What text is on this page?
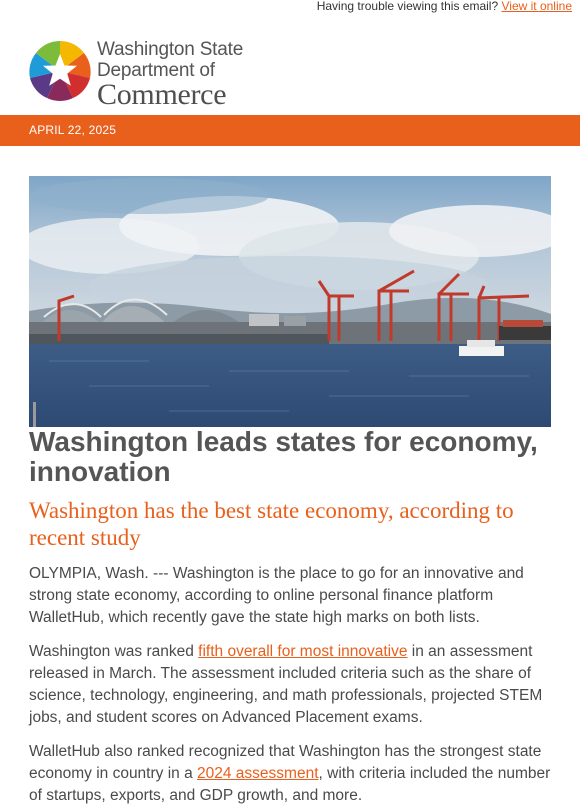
Having trouble viewing this email? View it online
Washington State
Department of
Commerce
APRIL 22, 2025
Washington leads states for economy, innovation
Washington has the best state economy, according to recent study

OLYMPIA, Wash. --- Washington is the place to go for an innovative and strong state economy, according to online personal finance platform WalletHub, which recently gave the state high marks on both lists.

Washington was ranked fifth overall for most innovative in an assessment released in March. The assessment included criteria such as the share of science, technology, engineering, and math professionals, projected STEM jobs, and student scores on Advanced Placement exams.

WalletHub also ranked recognized that Washington has the strongest state economy in country in a 2024 assessment, with criteria included the number of startups, exports, and GDP growth, and more.
